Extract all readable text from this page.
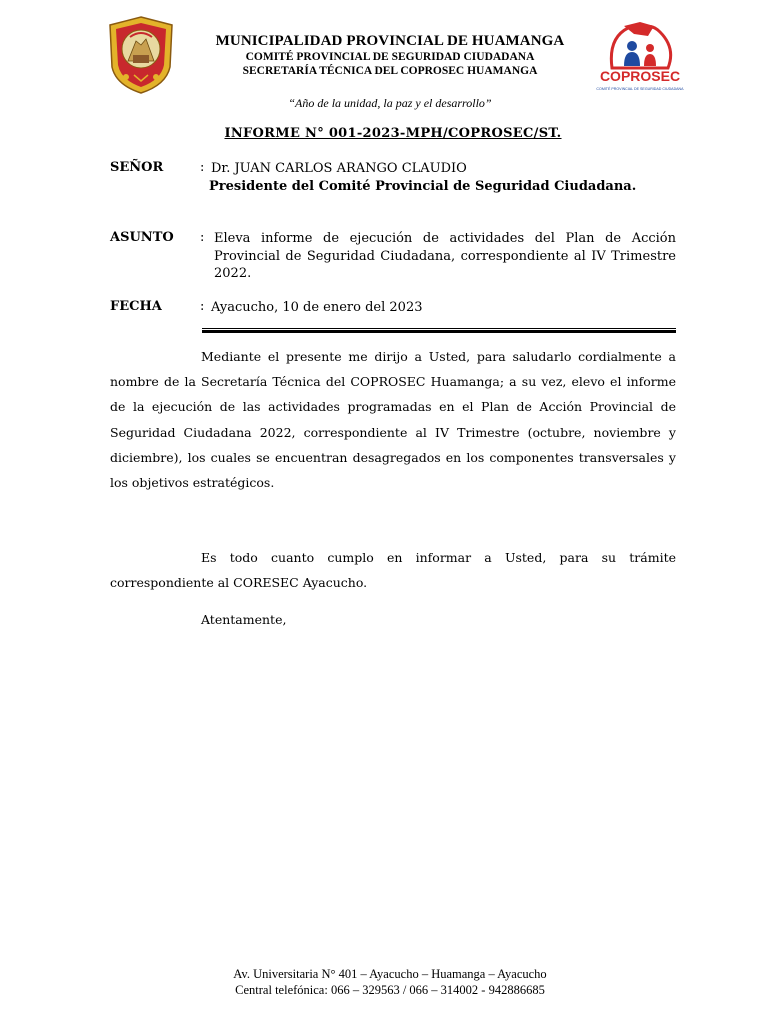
MUNICIPALIDAD PROVINCIAL DE HUAMANGA
COMITÉ PROVINCIAL DE SEGURIDAD CIUDADANA
SECRETARÍA TÉCNICA DEL COPROSEC HUAMANGA	COPROSEC
COMITÉ PROVINCIAL DE SEGURIDAD CIUDADANA
“Año de la unidad, la paz y el desarrollo”
INFORME N° 001-2023-MPH/COPROSEC/ST.
SEÑOR	: Dr. JUAN CARLOS ARANGO CLAUDIO
Presidente del Comité Provincial de Seguridad Ciudadana.
ASUNTO : Eleva informe de ejecución de actividades del Plan de Acción Provincial de Seguridad Ciudadana, correspondiente al IV Trimestre 2022.
FECHA	: Ayacucho, 10 de enero del 2023
Mediante el presente me dirijo a Usted, para saludarlo cordialmente a nombre de la Secretaría Técnica del COPROSEC Huamanga; a su vez, elevo el informe de la ejecución de las actividades programadas en el Plan de Acción Provincial de Seguridad Ciudadana 2022, correspondiente al IV Trimestre (octubre, noviembre y diciembre), los cuales se encuentran desagregados en los componentes transversales y los objetivos estratégicos.
Es todo cuanto cumplo en informar a Usted, para su trámite correspondiente al CORESEC Ayacucho.
Atentamente,
Av. Universitaria N° 401 – Ayacucho – Huamanga – Ayacucho
Central telefónica: 066 – 329563 / 066 – 314002 - 942886685
